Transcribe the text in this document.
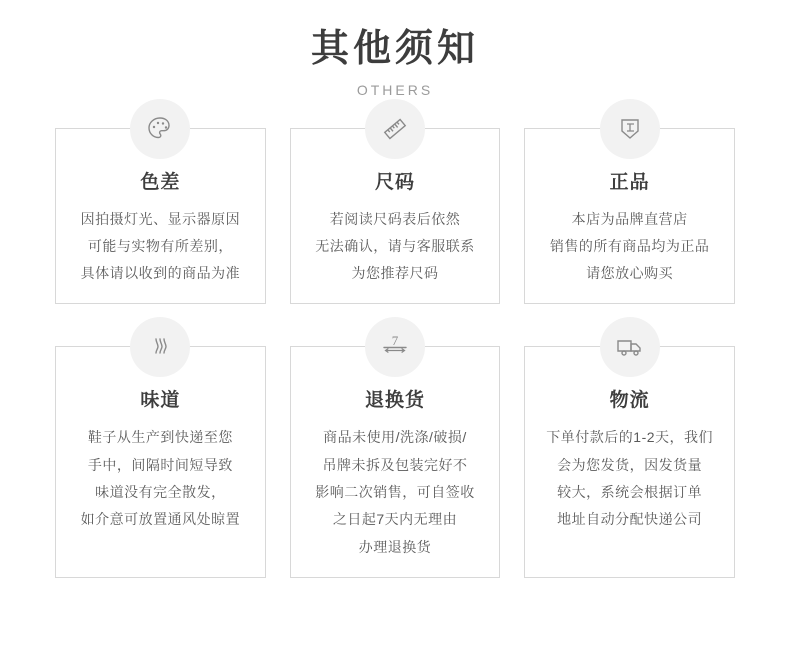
其他须知
OTHERS
色差
因拍摄灯光、显示器原因
可能与实物有所差别，
具体请以收到的商品为准
尺码
若阅读尺码表后依然
无法确认，请与客服联系
为您推荐尺码
正品
本店为品牌直营店
销售的所有商品均为正品
请您放心购买
味道
鞋子从生产到快递至您
手中，间隔时间短导致
味道没有完全散发，
如介意可放置通风处晾置
7
退换货
商品未使用/洗涤/破损/
吊牌未拆及包装完好不
影响二次销售，可自签收
之日起7天内无理由
办理退换货
物流
下单付款后的1-2天，我们
会为您发货，因发货量
较大，系统会根据订单
地址自动分配快递公司
